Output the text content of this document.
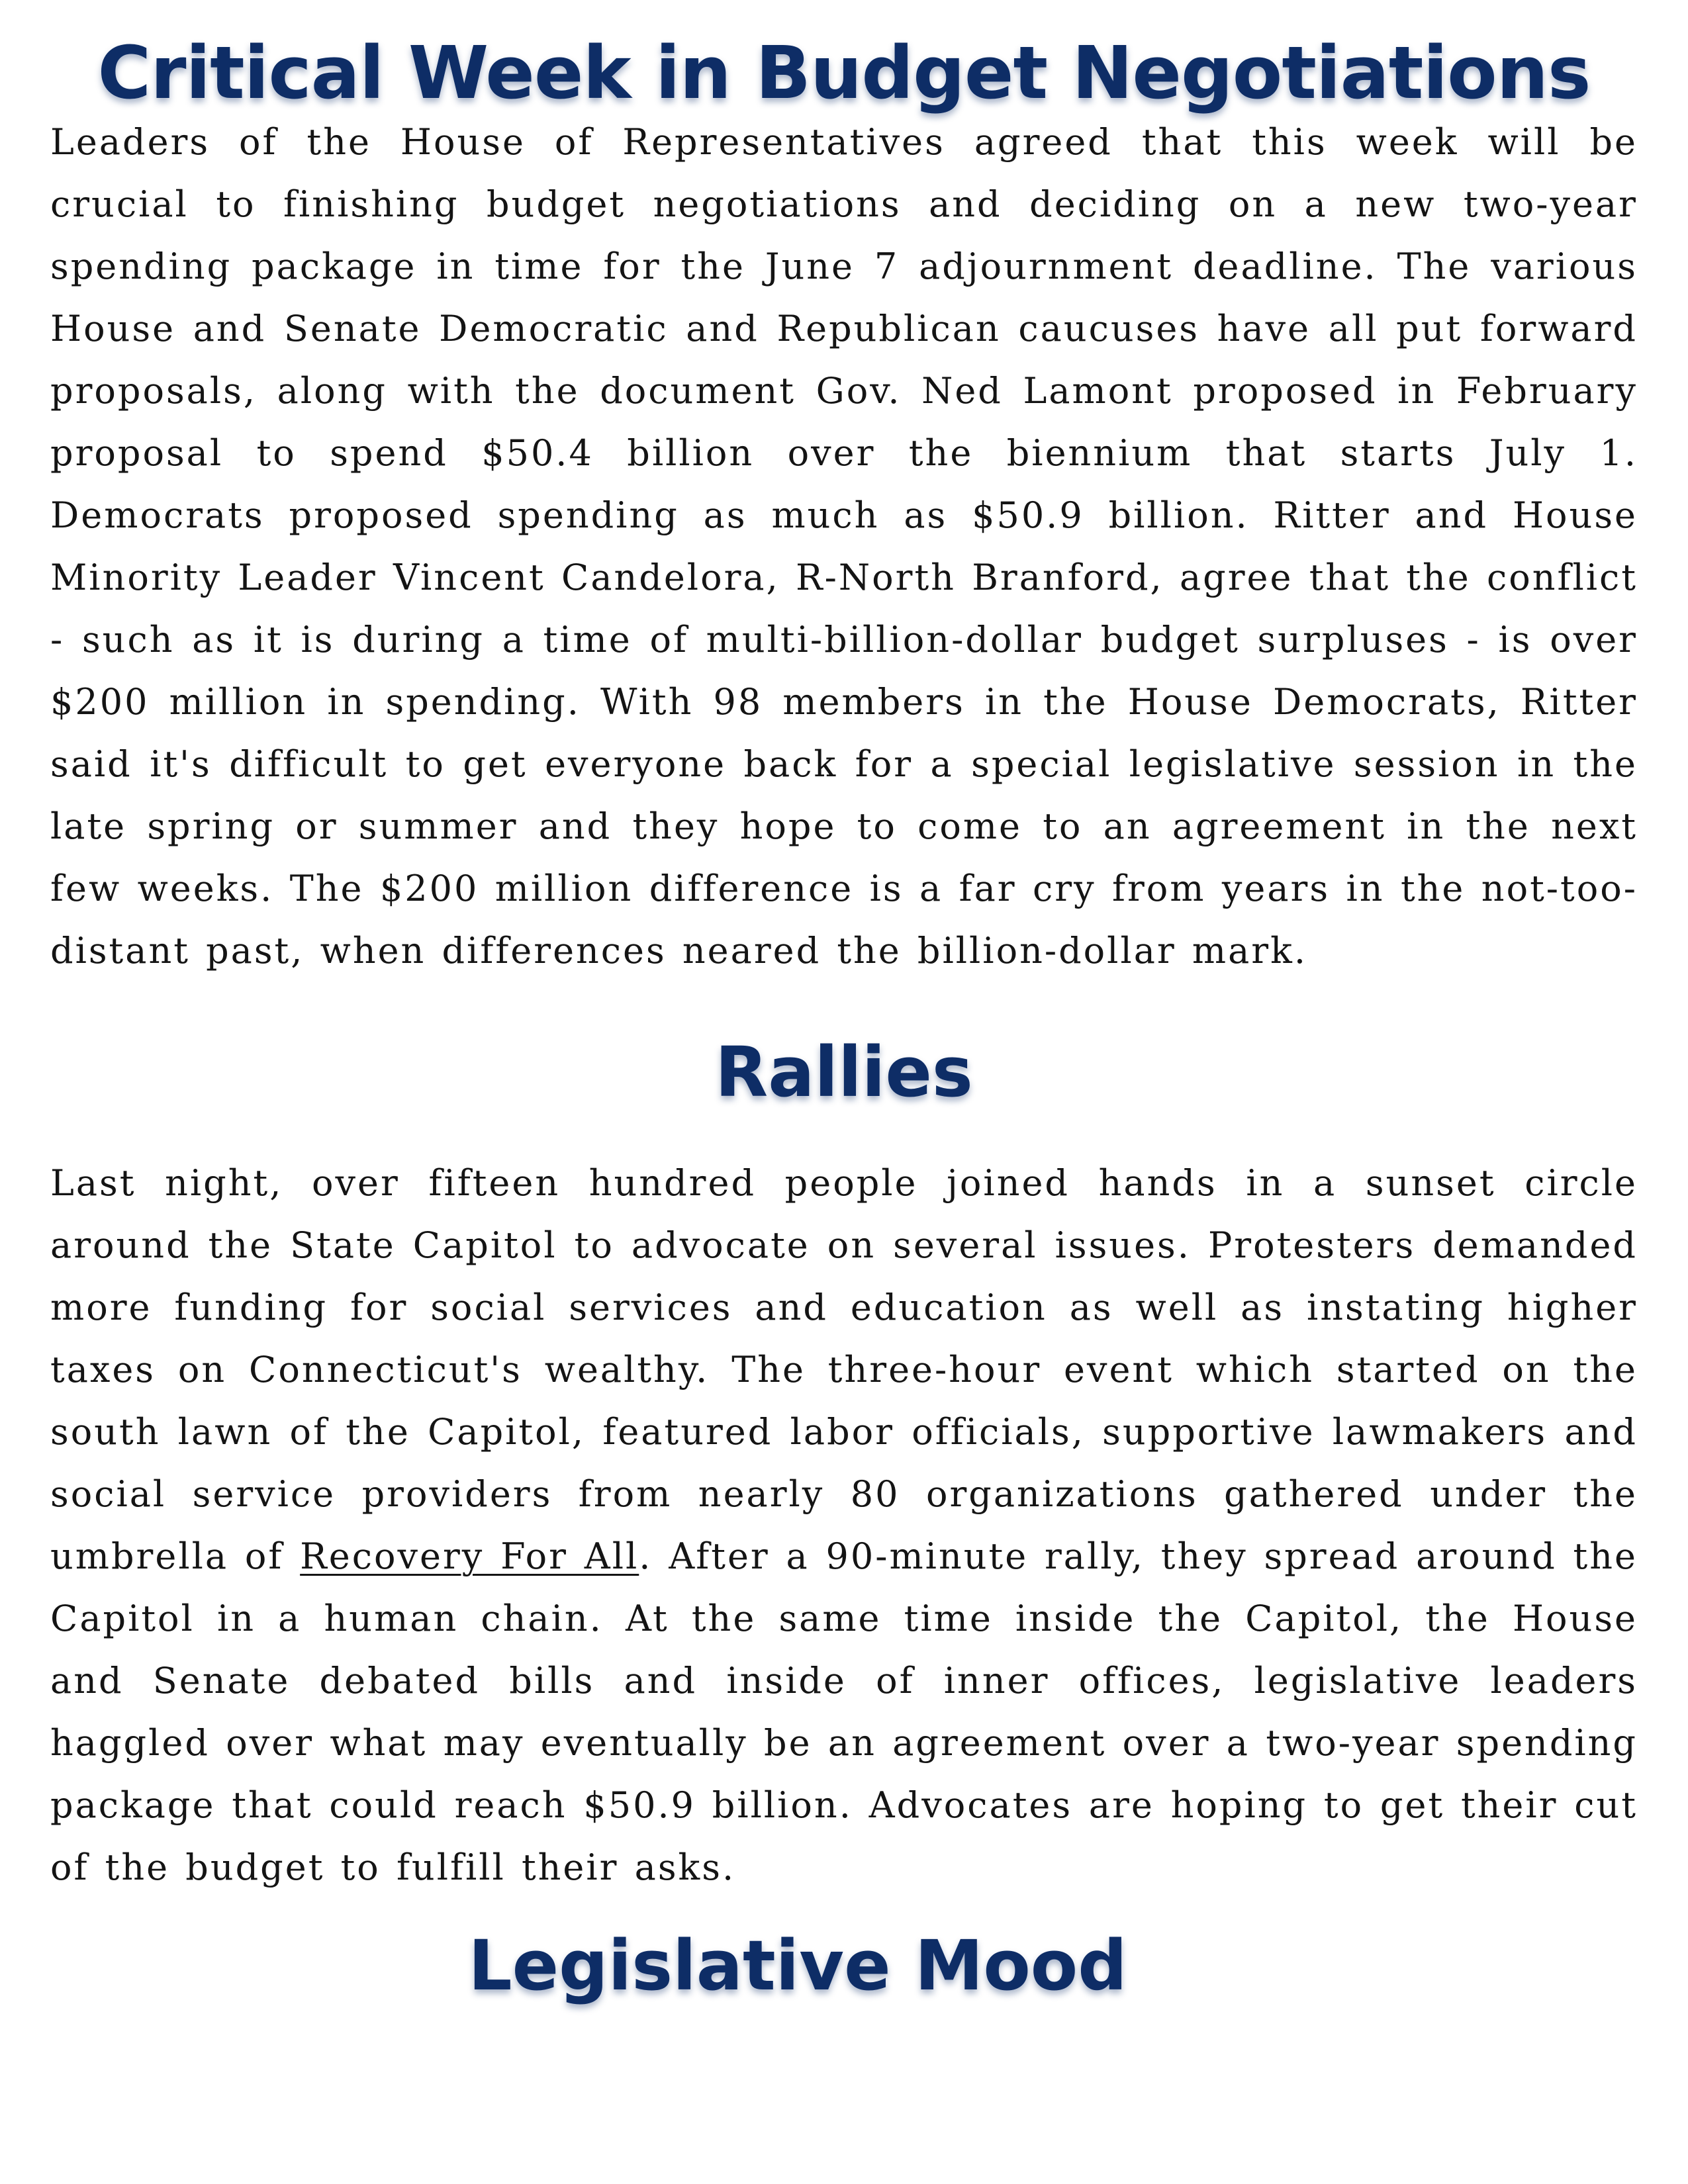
Critical Week in Budget Negotiations

Leaders of the House of Representatives agreed that this week will be crucial to finishing budget negotiations and deciding on a new two-year spending package in time for the June 7 adjournment deadline. The various House and Senate Democratic and Republican caucuses have all put forward proposals, along with the document Gov. Ned Lamont proposed in February proposal to spend $50.4 billion over the biennium that starts July 1. Democrats proposed spending as much as $50.9 billion. Ritter and House Minority Leader Vincent Candelora, R-North Branford, agree that the conflict - such as it is during a time of multi-billion-dollar budget surpluses - is over $200 million in spending. With 98 members in the House Democrats, Ritter said it's difficult to get everyone back for a special legislative session in the late spring or summer and they hope to come to an agreement in the next few weeks. The $200 million difference is a far cry from years in the not-too-distant past, when differences neared the billion-dollar mark.

Rallies

Last night, over fifteen hundred people joined hands in a sunset circle around the State Capitol to advocate on several issues. Protesters demanded more funding for social services and education as well as instating higher taxes on Connecticut's wealthy. The three-hour event which started on the south lawn of the Capitol, featured labor officials, supportive lawmakers and social service providers from nearly 80 organizations gathered under the umbrella of Recovery For All. After a 90-minute rally, they spread around the Capitol in a human chain. At the same time inside the Capitol, the House and Senate debated bills and inside of inner offices, legislative leaders haggled over what may eventually be an agreement over a two-year spending package that could reach $50.9 billion. Advocates are hoping to get their cut of the budget to fulfill their asks.

Legislative Mood
